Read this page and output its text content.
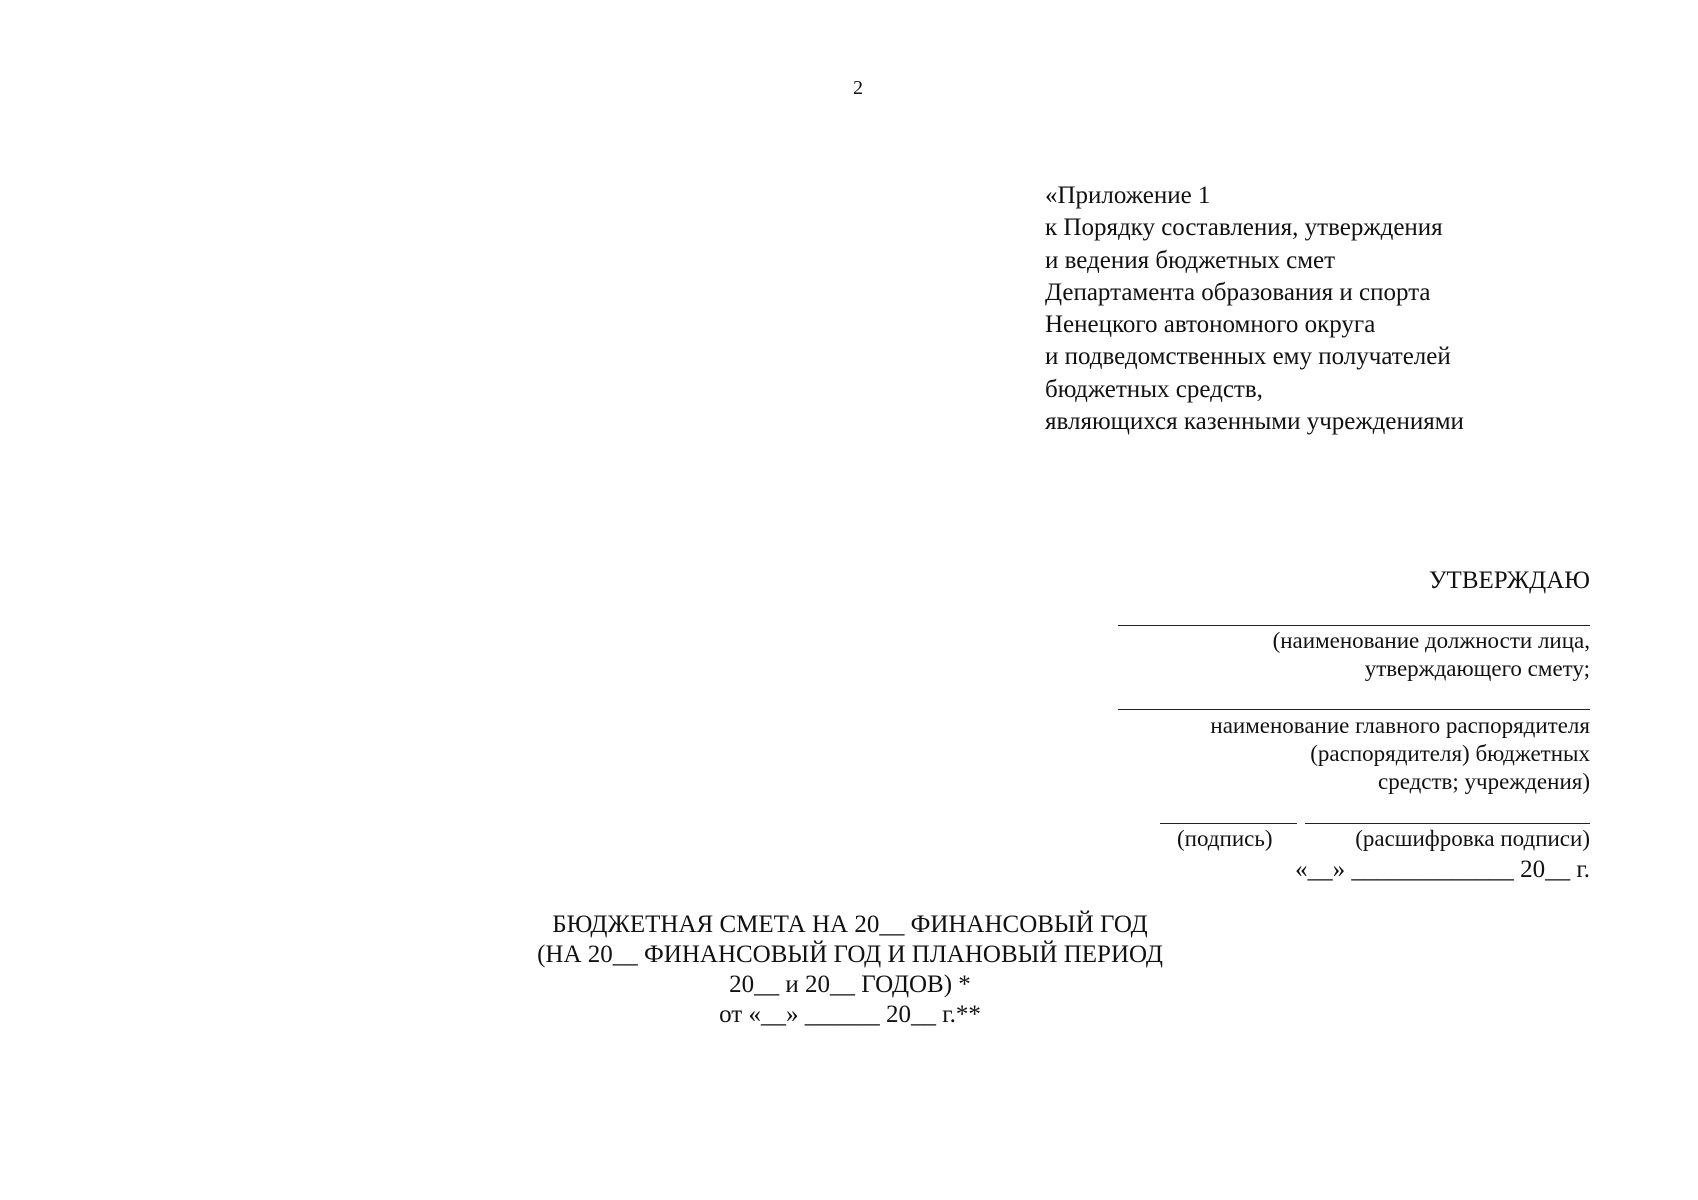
2
«Приложение 1
к Порядку составления, утверждения
и ведения бюджетных смет
Департамента образования и спорта
Ненецкого автономного округа
и подведомственных ему получателей
бюджетных средств,
являющихся казенными учреждениями
УТВЕРЖДАЮ
(наименование должности лица,
утверждающего смету;
наименование главного распорядителя
(распорядителя) бюджетных
средств; учреждения)
(подпись)	(расшифровка подписи)
«__» _____________ 20__ г.
БЮДЖЕТНАЯ СМЕТА НА 20__ ФИНАНСОВЫЙ ГОД
(НА 20__ ФИНАНСОВЫЙ ГОД И ПЛАНОВЫЙ ПЕРИОД
20__ и 20__ ГОДОВ) *
от «__» ______ 20__ г.**
